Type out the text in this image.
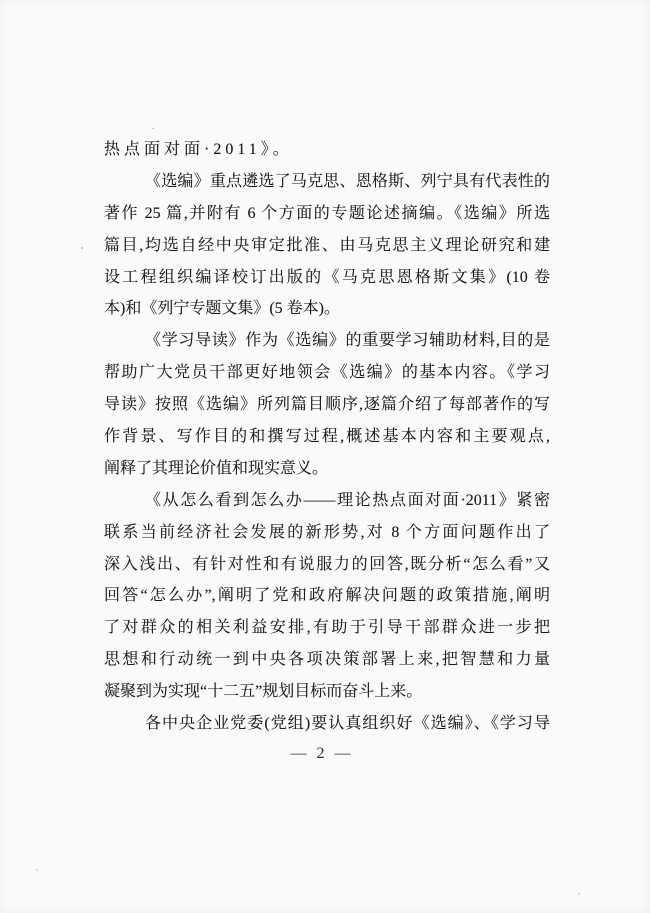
热点面对面·2011》。
《选编》重点遴选了马克思、恩格斯、列宁具有代表性的
著作 25 篇,并附有 6 个方面的专题论述摘编。《选编》所选
篇目,均选自经中央审定批准、由马克思主义理论研究和建
设工程组织编译校订出版的《马克思恩格斯文集》(10 卷
本)和《列宁专题文集》(5 卷本)。
《学习导读》作为《选编》的重要学习辅助材料,目的是
帮助广大党员干部更好地领会《选编》的基本内容。《学习
导读》按照《选编》所列篇目顺序,逐篇介绍了每部著作的写
作背景、写作目的和撰写过程,概述基本内容和主要观点,
阐释了其理论价值和现实意义。
《从怎么看到怎么办——理论热点面对面·2011》紧密
联系当前经济社会发展的新形势,对 8 个方面问题作出了
深入浅出、有针对性和有说服力的回答,既分析“怎么看”又
回答“怎么办”,阐明了党和政府解决问题的政策措施,阐明
了对群众的相关利益安排,有助于引导干部群众进一步把
思想和行动统一到中央各项决策部署上来,把智慧和力量
凝聚到为实现“十二五”规划目标而奋斗上来。
各中央企业党委(党组)要认真组织好《选编》、《学习导
— 2 —
